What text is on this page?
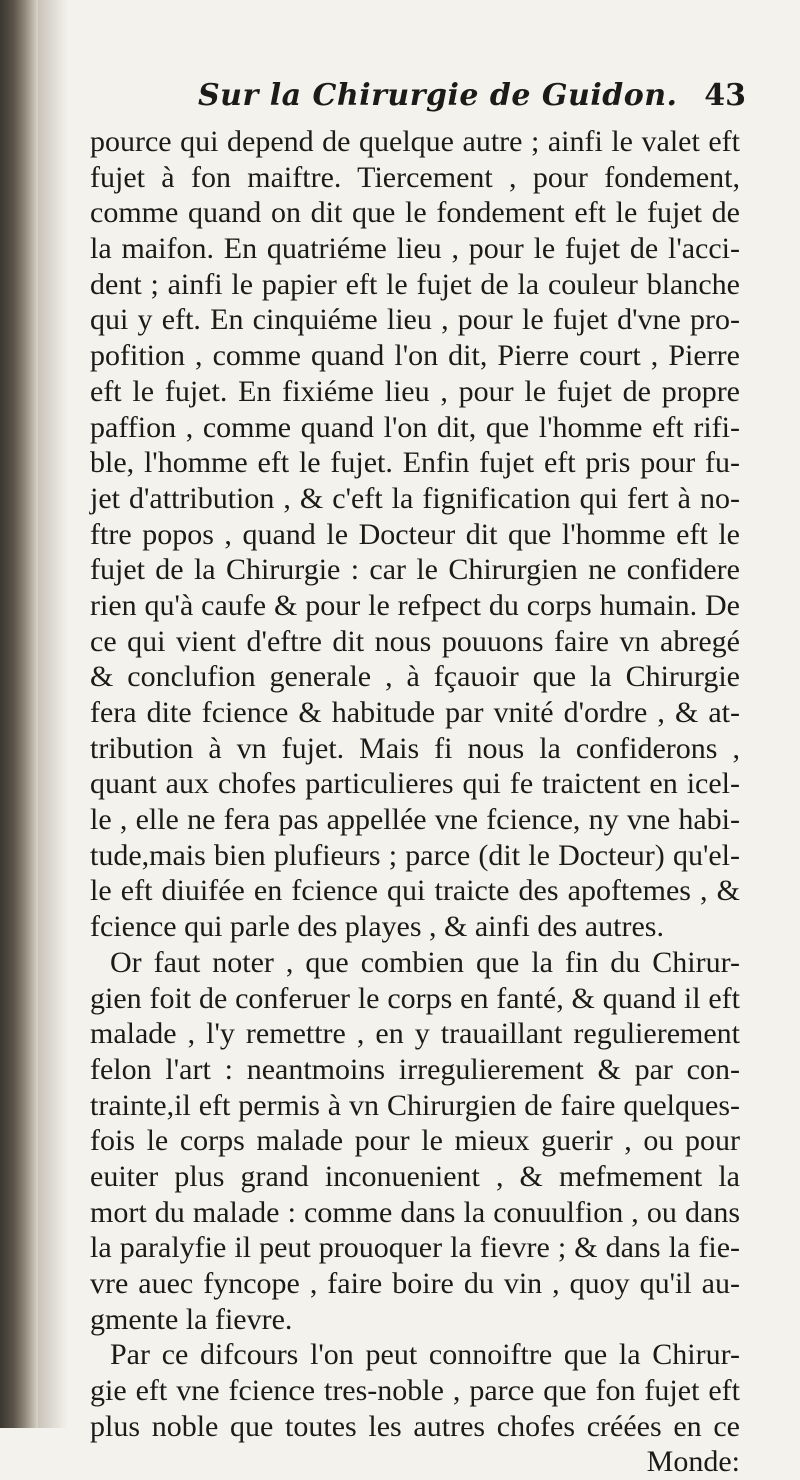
Sur la Chirurgie de Guidon. 43
pource qui depend de quelque autre ; ainfi le valet eft
fujet à fon maiftre. Tiercement , pour fondement,
comme quand on dit que le fondement eft le fujet de
la maifon. En quatriéme lieu , pour le fujet de l'acci-
dent ; ainfi le papier eft le fujet de la couleur blanche
qui y eft. En cinquiéme lieu , pour le fujet d'vne pro-
pofition , comme quand l'on dit, Pierre court , Pierre
eft le fujet. En fixiéme lieu , pour le fujet de propre
paffion , comme quand l'on dit, que l'homme eft rifi-
ble, l'homme eft le fujet. Enfin fujet eft pris pour fu-
jet d'attribution , & c'eft la fignification qui fert à no-
ftre popos , quand le Docteur dit que l'homme eft le
fujet de la Chirurgie : car le Chirurgien ne confidere
rien qu'à caufe & pour le refpect du corps humain. De
ce qui vient d'eftre dit nous pouuons faire vn abregé
& conclufion generale , à fçauoir que la Chirurgie
fera dite fcience & habitude par vnité d'ordre , & at-
tribution à vn fujet. Mais fi nous la confiderons ,
quant aux chofes particulieres qui fe traictent en icel-
le , elle ne fera pas appellée vne fcience, ny vne habi-
tude,mais bien plufieurs ; parce (dit le Docteur) qu'el-
le eft diuifée en fcience qui traicte des apoftemes , &
fcience qui parle des playes , & ainfi des autres.
Or faut noter , que combien que la fin du Chirur-
gien foit de conferuer le corps en fanté, & quand il eft
malade , l'y remettre , en y trauaillant regulierement
felon l'art : neantmoins irregulierement & par con-
trainte,il eft permis à vn Chirurgien de faire quelques-
fois le corps malade pour le mieux guerir , ou pour
euiter plus grand inconuenient , & mefmement la
mort du malade : comme dans la conuulfion , ou dans
la paralyfie il peut prouoquer la fievre ; & dans la fie-
vre auec fyncope , faire boire du vin , quoy qu'il au-
gmente la fievre.
Par ce difcours l'on peut connoiftre que la Chirur-
gie eft vne fcience tres-noble , parce que fon fujet eft
plus noble que toutes les autres chofes créées en ce
Monde:
